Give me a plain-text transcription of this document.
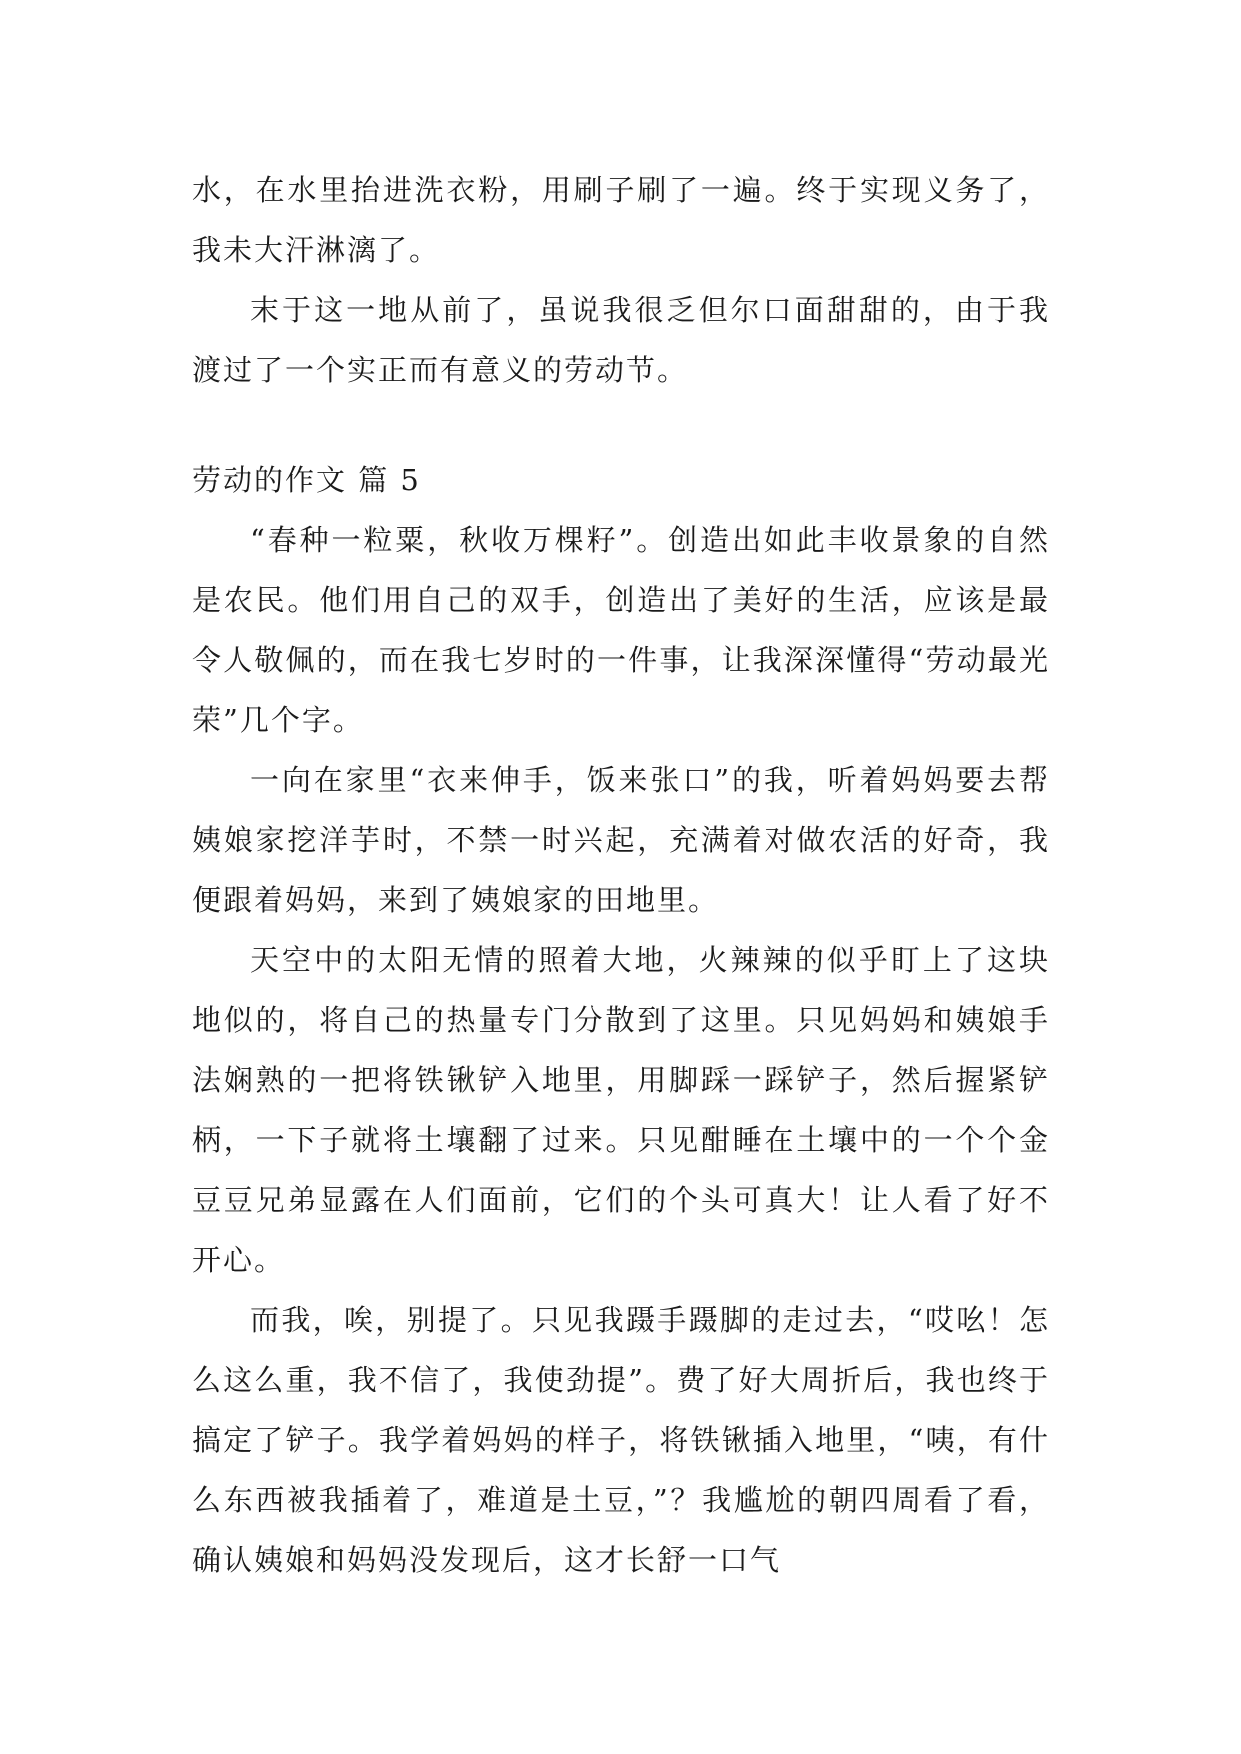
水，在水里抬进洗衣粉，用刷子刷了一遍。终于实现义务了，我未大汗淋漓了。

末于这一地从前了，虽说我很乏但尔口面甜甜的，由于我渡过了一个实正而有意义的劳动节。

劳动的作文 篇 5

“春种一粒粟，秋收万棵籽”。创造出如此丰收景象的自然是农民。他们用自己的双手，创造出了美好的生活，应该是最令人敬佩的，而在我七岁时的一件事，让我深深懂得“劳动最光荣”几个字。

一向在家里“衣来伸手，饭来张口”的我，听着妈妈要去帮姨娘家挖洋芋时，不禁一时兴起，充满着对做农活的好奇，我便跟着妈妈，来到了姨娘家的田地里。

天空中的太阳无情的照着大地，火辣辣的似乎盯上了这块地似的，将自己的热量专门分散到了这里。只见妈妈和姨娘手法娴熟的一把将铁锹铲入地里，用脚踩一踩铲子，然后握紧铲柄，一下子就将土壤翻了过来。只见酣睡在土壤中的一个个金豆豆兄弟显露在人们面前，它们的个头可真大！让人看了好不开心。

而我，唉，别提了。只见我蹑手蹑脚的走过去，“哎吆！怎么这么重，我不信了，我使劲提”。费了好大周折后，我也终于搞定了铲子。我学着妈妈的样子，将铁锹插入地里，“咦，有什么东西被我插着了，难道是土豆，”？我尴尬的朝四周看了看，确认姨娘和妈妈没发现后，这才长舒一口气
